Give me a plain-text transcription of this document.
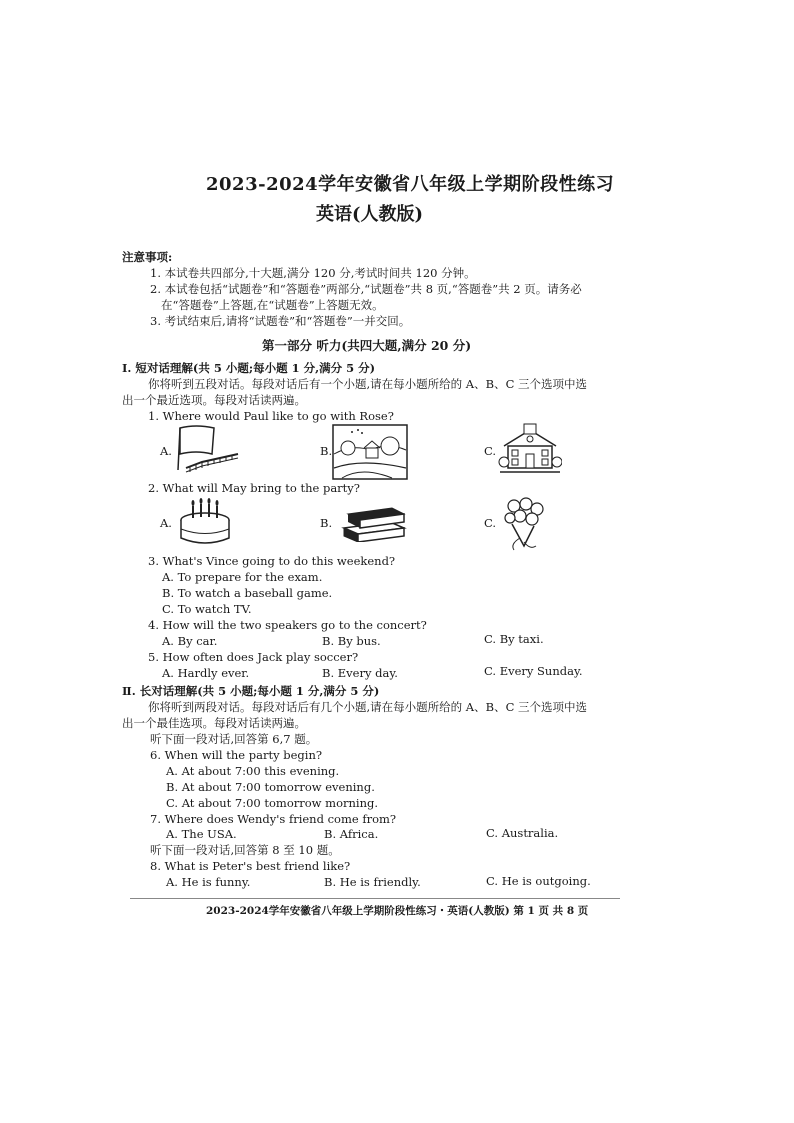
2023-2024学年安徽省八年级上学期阶段性练习
英语(人教版)
注意事项:
1. 本试卷共四部分,十大题,满分 120 分,考试时间共 120 分钟。
2. 本试卷包括“试题卷”和“答题卷”两部分,“试题卷”共 8 页,“答题卷”共 2 页。请务必
在“答题卷”上答题,在“试题卷”上答题无效。
3. 考试结束后,请将“试题卷”和“答题卷”一并交回。
第一部分 听力(共四大题,满分 20 分)
Ⅰ. 短对话理解(共 5 小题;每小题 1 分,满分 5 分)
你将听到五段对话。每段对话后有一个小题,请在每小题所给的 A、B、C 三个选项中选
出一个最近选项。每段对话读两遍。
1. Where would Paul like to go with Rose?
A.	B.	C.
2. What will May bring to the party?
A.	B.	C.
3. What's Vince going to do this weekend?
A. To prepare for the exam.
B. To watch a baseball game.
C. To watch TV.
4. How will the two speakers go to the concert?
A. By car.	B. By bus.	C. By taxi.
5. How often does Jack play soccer?
A. Hardly ever.	B. Every day.	C. Every Sunday.
Ⅱ. 长对话理解(共 5 小题;每小题 1 分,满分 5 分)
你将听到两段对话。每段对话后有几个小题,请在每小题所给的 A、B、C 三个选项中选
出一个最佳选项。每段对话读两遍。
听下面一段对话,回答第 6,7 题。
6. When will the party begin?
A. At about 7:00 this evening.
B. At about 7:00 tomorrow evening.
C. At about 7:00 tomorrow morning.
7. Where does Wendy's friend come from?
A. The USA.	B. Africa.	C. Australia.
听下面一段对话,回答第 8 至 10 题。
8. What is Peter's best friend like?
A. He is funny.	B. He is friendly.	C. He is outgoing.
2023-2024学年安徽省八年级上学期阶段性练习・英语(人教版) 第 1 页 共 8 页
